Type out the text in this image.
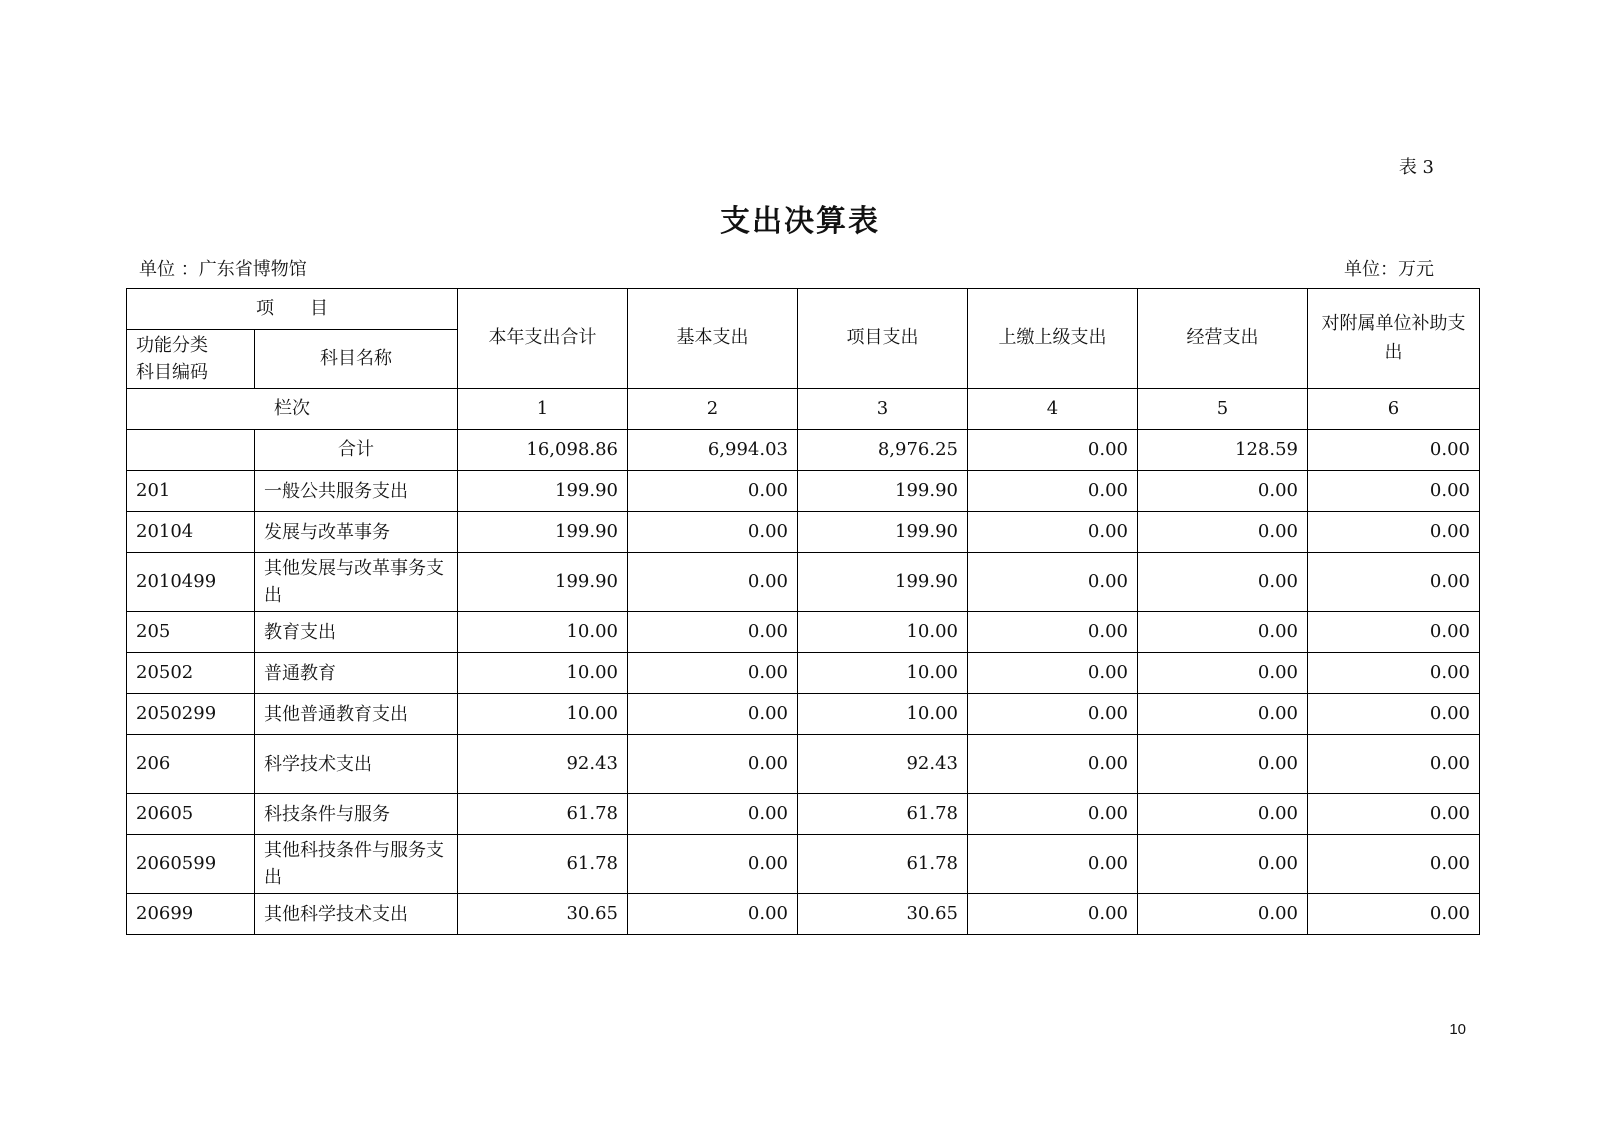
表 3
支出决算表
单位 ：广东省博物馆	单位：万元
项　　目		本年支出合计	基本支出	项目支出	上缴上级支出	经营支出	对附属单位补助支出
功能分类
科目编码	科目名称						
栏次		1	2	3	4	5	6
	合计	16,098.86	6,994.03	8,976.25	0.00	128.59	0.00
201	一般公共服务支出	199.90	0.00	199.90	0.00	0.00	0.00
20104	发展与改革事务	199.90	0.00	199.90	0.00	0.00	0.00
2010499	其他发展与改革事务支出	199.90	0.00	199.90	0.00	0.00	0.00
205	教育支出	10.00	0.00	10.00	0.00	0.00	0.00
20502	普通教育	10.00	0.00	10.00	0.00	0.00	0.00
2050299	其他普通教育支出	10.00	0.00	10.00	0.00	0.00	0.00
206	科学技术支出	92.43	0.00	92.43	0.00	0.00	0.00
20605	科技条件与服务	61.78	0.00	61.78	0.00	0.00	0.00
2060599	其他科技条件与服务支出	61.78	0.00	61.78	0.00	0.00	0.00
20699	其他科学技术支出	30.65	0.00	30.65	0.00	0.00	0.00
10
